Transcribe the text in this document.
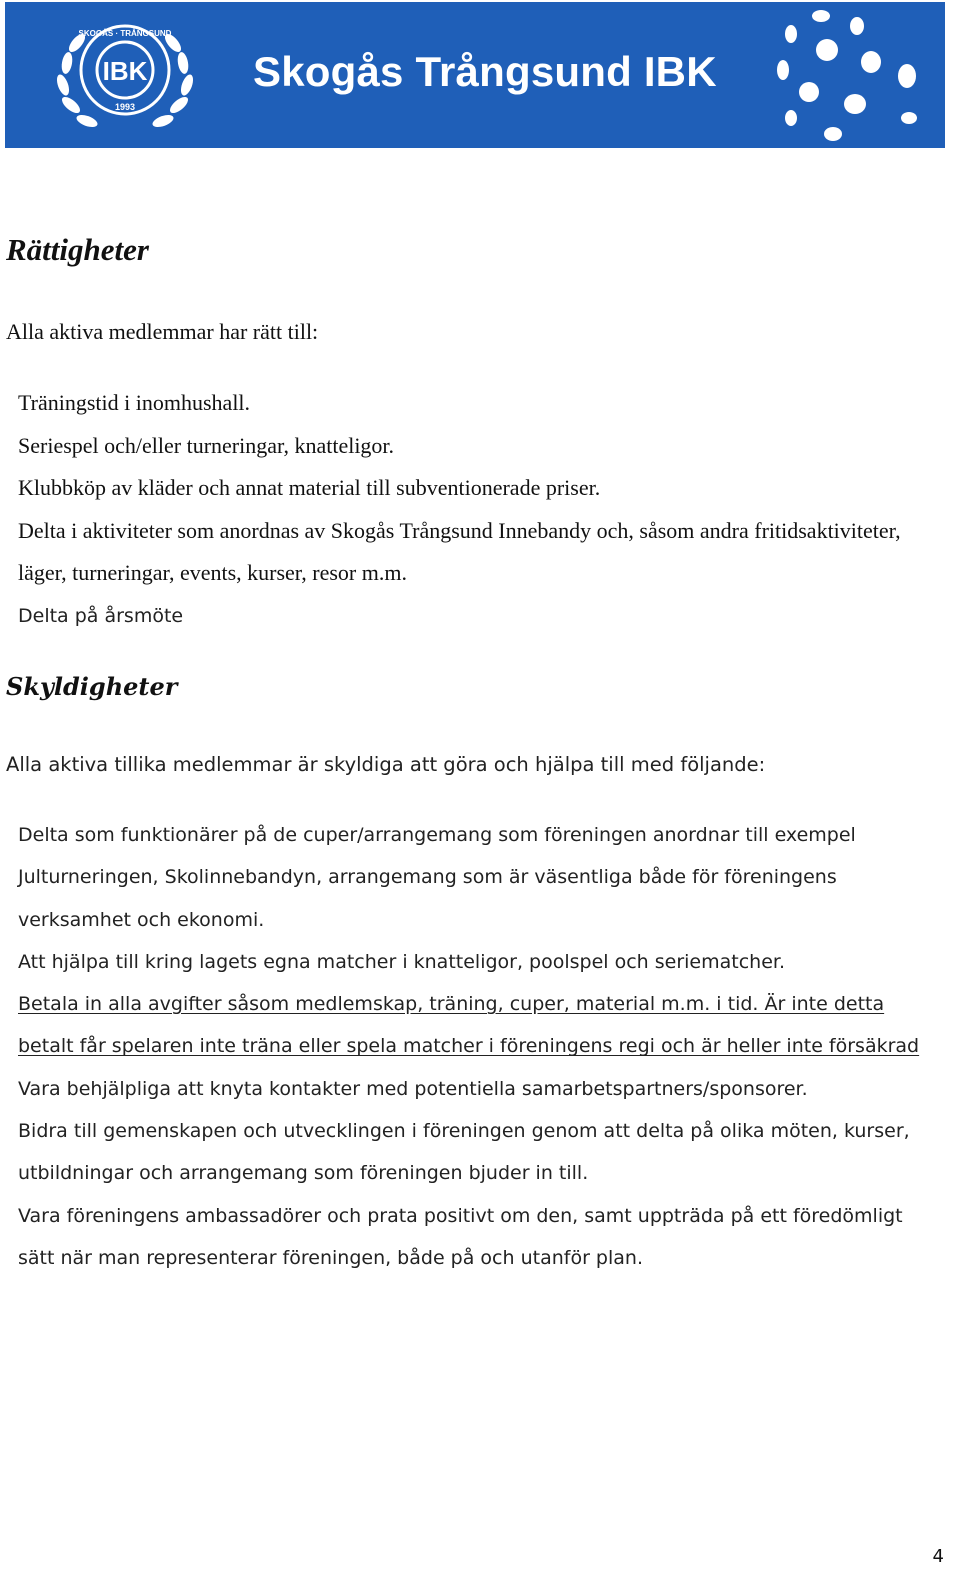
IBK
SKOGÅS · TRÅNGSUND
1993
Skogås Trångsund IBK
Rättigheter
Alla aktiva medlemmar har rätt till:
Träningstid i inomhushall.
Seriespel och/eller turneringar, knatteligor.
Klubbköp av kläder och annat material till subventionerade priser.
Delta i aktiviteter som anordnas av Skogås Trångsund Innebandy och, såsom andra fritidsaktiviteter, läger, turneringar, events, kurser, resor m.m.
Delta på årsmöte
Skyldigheter
Alla aktiva tillika medlemmar är skyldiga att göra och hjälpa till med följande:
Delta som funktionärer på de cuper/arrangemang som föreningen anordnar till exempel Julturneringen, Skolinnebandyn, arrangemang som är väsentliga både för föreningens verksamhet och ekonomi.
Att hjälpa till kring lagets egna matcher i knatteligor, poolspel och seriematcher.
Betala in alla avgifter såsom medlemskap, träning, cuper, material m.m. i tid. Är inte detta betalt får spelaren inte träna eller spela matcher i föreningens regi och är heller inte försäkrad
Vara behjälpliga att knyta kontakter med potentiella samarbetspartners/sponsorer.
Bidra till gemenskapen och utvecklingen i föreningen genom att delta på olika möten, kurser, utbildningar och arrangemang som föreningen bjuder in till.
Vara föreningens ambassadörer och prata positivt om den, samt uppträda på ett föredömligt sätt när man representerar föreningen, både på och utanför plan.
4
